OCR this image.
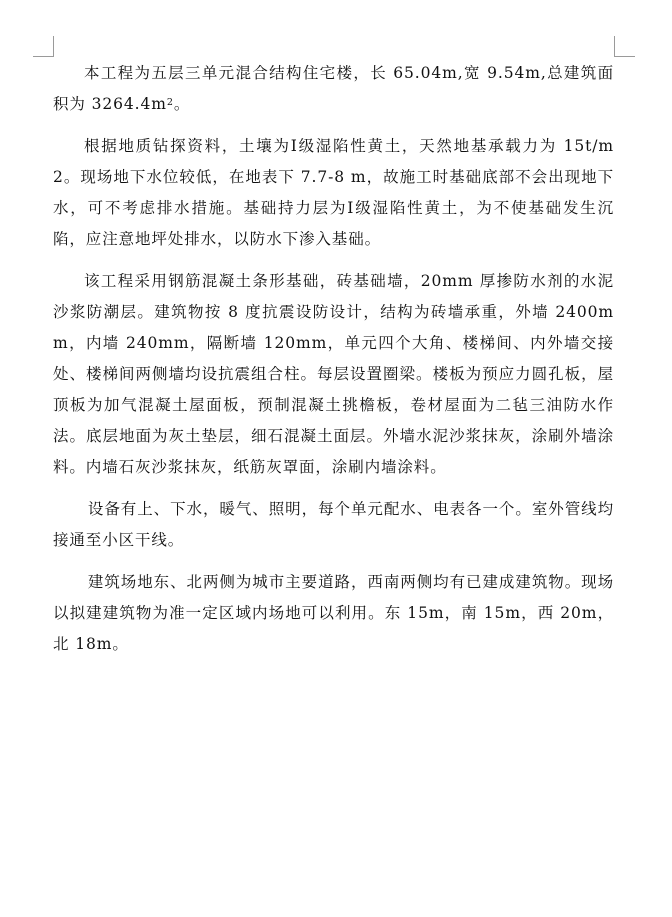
本工程为五层三单元混合结构住宅楼，长 65.04m,宽 9.54m,总建筑面积为 $3264.4m^2$。

根据地质钻探资料，土壤为Ⅰ级湿陷性黄土，天然地基承载力为 15t/m2。现场地下水位较低，在地表下 7.7-8 m，故施工时基础底部不会出现地下水，可不考虑排水措施。基础持力层为Ⅰ级湿陷性黄土，为不使基础发生沉陷，应注意地坪处排水，以防水下渗入基础。

该工程采用钢筋混凝土条形基础，砖基础墙，20mm 厚掺防水剂的水泥沙浆防潮层。建筑物按 8 度抗震设防设计，结构为砖墙承重，外墙 2400mm，内墙 240mm，隔断墙 120mm，单元四个大角、楼梯间、内外墙交接处、楼梯间两侧墙均设抗震组合柱。每层设置圈梁。楼板为预应力圆孔板，屋顶板为加气混凝土屋面板，预制混凝土挑檐板，卷材屋面为二毡三油防水作法。底层地面为灰土垫层，细石混凝土面层。外墙水泥沙浆抹灰，涂刷外墙涂料。内墙石灰沙浆抹灰，纸筋灰罩面，涂刷内墙涂料。

设备有上、下水，暖气、照明，每个单元配水、电表各一个。室外管线均接通至小区干线。

建筑场地东、北两侧为城市主要道路，西南两侧均有已建成建筑物。现场以拟建建筑物为准一定区域内场地可以利用。东 15m，南 15m，西 20m，北 18m。
